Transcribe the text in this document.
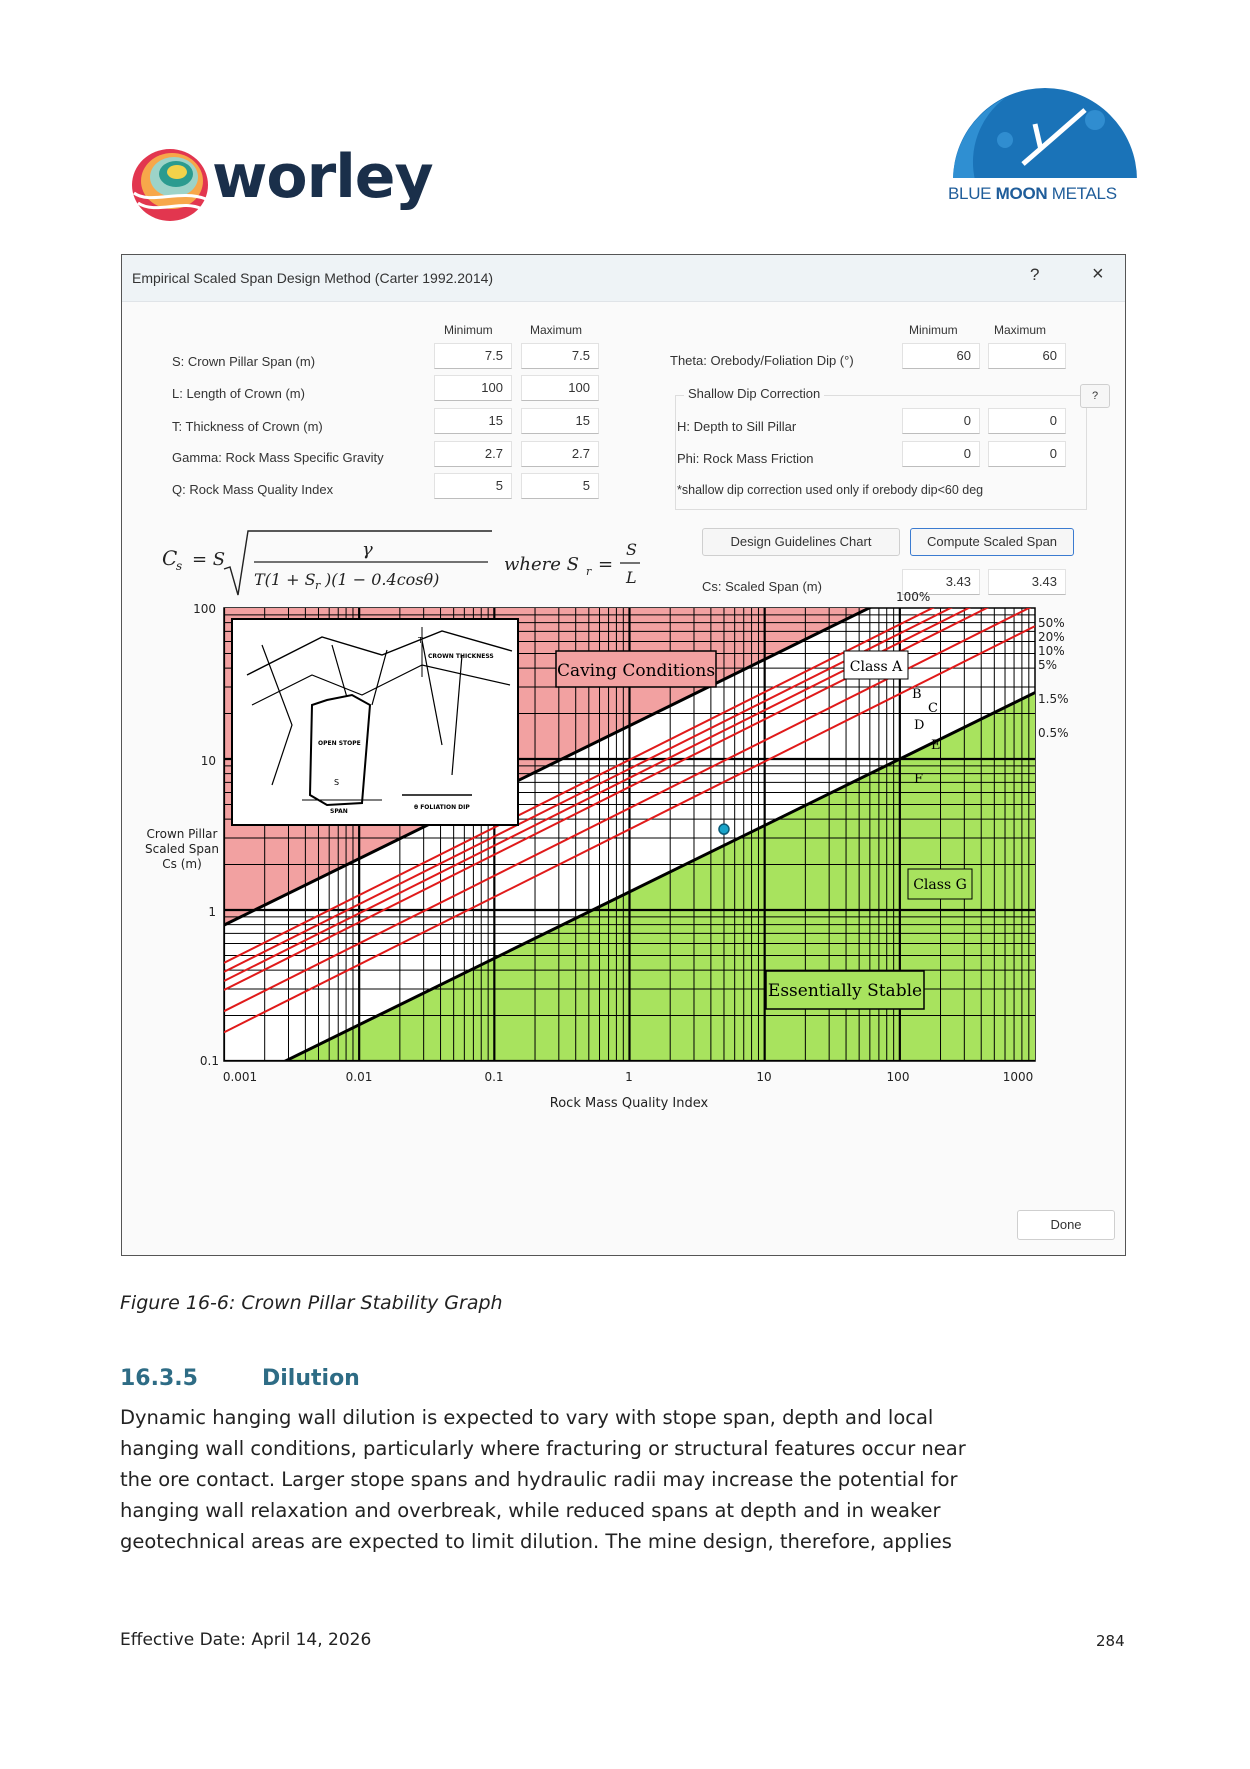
worley	BLUE MOON METALS
Empirical Scaled Span Design Method (Carter 1992.2014)	?	×
Minimum	Maximum
S: Crown Pillar Span (m)	7.5	7.5
L: Length of Crown (m)	100	100
T: Thickness of Crown (m)	15	15
Gamma: Rock Mass Specific Gravity	2.7	2.7
Q: Rock Mass Quality Index	5	5
Minimum	Maximum
Theta: Orebody/Foliation Dip (°)	60	60
Shallow Dip Correction	?
H: Depth to Sill Pillar	0	0
Phi: Rock Mass Friction	0	0
*shallow dip correction used only if orebody dip<60 deg
Design Guidelines Chart	Compute Scaled Span
Cs: Scaled Span (m)	3.43	3.43
C
s = S	γ
T(1 + S r )(1 − 0.4cosθ)
where S r =
S
L
T
CROWN THICKNESS
OPEN STOPE
S
SPAN
θ FOLIATION DIP
Caving Conditions	Class A
Class G
Essentially Stable
B
C
D
E
F
100%
50%
20%
10%
5%
1.5%
0.5%
0.001	0.01	0.1	1	10	100	1000
0.1
1
10
100
Rock Mass Quality Index
Crown Pillar
Scaled Span
Cs (m)
Done
Figure 16-6: Crown Pillar Stability Graph
16.3.5	Dilution
Dynamic hanging wall dilution is expected to vary with stope span, depth and local
hanging wall conditions, particularly where fracturing or structural features occur near
the ore contact. Larger stope spans and hydraulic radii may increase the potential for
hanging wall relaxation and overbreak, while reduced spans at depth and in weaker
geotechnical areas are expected to limit dilution. The mine design, therefore, applies
Effective Date: April 14, 2026	284
